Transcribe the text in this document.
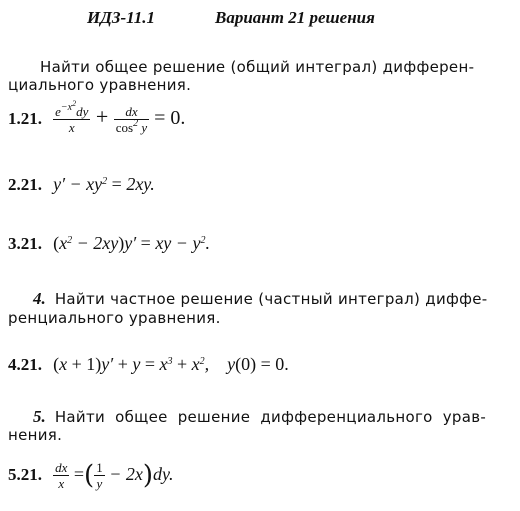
ИДЗ-11.1	Вариант 21 решения
Найти общее решение (общий интеграл) дифферен-
циального уравнения.
1.21. $\frac{e^{-x^2}dy}{x} + \frac{dx}{\cos^2 y} = 0$.
2.21. $y' - xy^2 = 2xy$.
3.21. $(x^2 - 2xy)y'$ = xy − $y^2$.
4. Найти частное решение (частный интеграл) диффе-
ренциального уравнения.
4.21. $(x + 1)y' + y = x^3 + x^2$,    y(0) = 0.
5. Найти общее решение дифференциального урав-
нения.
5.21. $\frac{dx}{x}$ =( $\frac{1}{y} - 2x)dy$.
